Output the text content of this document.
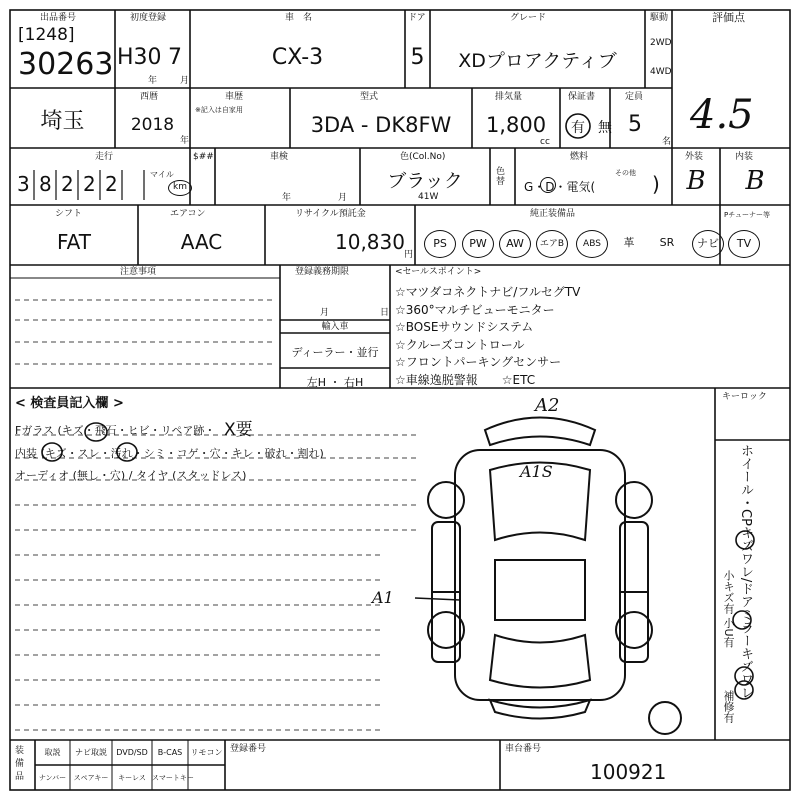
出品番号
[1248]
30263
初度登録
H30 7
年	月
車　名
CX-3
ドア
5
グレード
XDプロアクティブ
駆動
2WD
4WD
評価点
4.5
埼玉
西暦
2018
年
車歴
※記入は自家用
型式
3DA - DK8FW
排気量
1,800
cc
保証書
有 無
定員
5
名
走行
3 8 2 2 2	マイル
km
$##	車検
年	月
色(Col.No)
ブラック
41W
色替
燃料
G・D・電気(
その他 )
外装
B
内装
B
シフト
FAT
エアコン
AAC
リサイクル預託金
10,830
円
純正装備品	Pチューナー等
PS	PW	AW	エアB	ABS	革	SR	ナビ	TV
注意事項	登録義務期限
月	日
輸入車
ディーラー・並行
左H ・ 右H
<セールスポイント>
☆マツダコネクトナビ/フルセグTV
☆360°マルチビューモニター
☆BOSEサウンドシステム
☆クルーズコントロール
☆フロントパーキングセンサー
☆車線逸脱警報　　☆ETC
< 検査員記入欄 >
Fガラス (キズ・飛石・ヒビ・リペア跡・ X要
内装 (キズ・スレ・汚れ・シミ・コゲ・穴・キレ・破れ・割れ)
オーディオ (無し・穴) / タイヤ (スタッドレス)
A2
A1S
A1
キーロック
ホイール・CPキズワレ/ドアミラーキズワレ
小キズ有 小U有
補修有
装備品
取説	ナビ取説	DVD/SD	B-CAS	リモコン
ナンバー	スペアキー	キーレス スマートキー
登録番号	車台番号
100921
